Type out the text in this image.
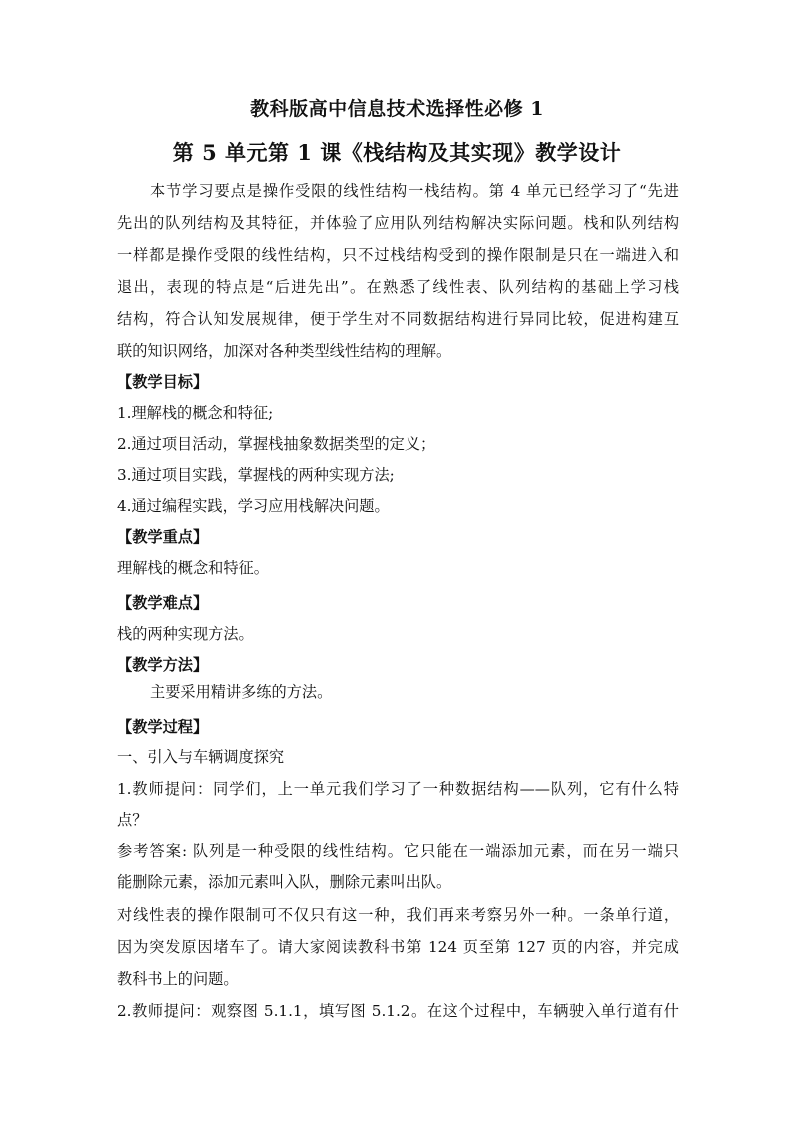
教科版高中信息技术选择性必修 1
第 5 单元第 1 课《栈结构及其实现》教学设计
本节学习要点是操作受限的线性结构一栈结构。第 4 单元已经学习了“先进
先出的队列结构及其特征，并体验了应用队列结构解决实际问题。栈和队列结构
一样都是操作受限的线性结构，只不过栈结构受到的操作限制是只在一端进入和
退出，表现的特点是“后进先出”。在熟悉了线性表、队列结构的基础上学习栈
结构，符合认知发展规律，便于学生对不同数据结构进行异同比较，促进构建互
联的知识网络，加深对各种类型线性结构的理解。
【教学目标】
1.理解栈的概念和特征;
2.通过项目活动，掌握栈抽象数据类型的定义；
3.通过项目实践，掌握栈的两种实现方法;
4.通过编程实践，学习应用栈解决问题。
【教学重点】
理解栈的概念和特征。
【教学难点】
栈的两种实现方法。
【教学方法】
主要采用精讲多练的方法。
【教学过程】
一、引入与车辆调度探究
1.教师提问：同学们，上一单元我们学习了一种数据结构——队列，它有什么特
点？
参考答案: 队列是一种受限的线性结构。它只能在一端添加元素，而在另一端只
能删除元素，添加元素叫入队，删除元素叫出队。
对线性表的操作限制可不仅只有这一种，我们再来考察另外一种。一条单行道，
因为突发原因堵车了。请大家阅读教科书第 124 页至第 127 页的内容，并完成
教科书上的问题。
2.教师提问：观察图 5.1.1，填写图 5.1.2。在这个过程中，车辆驶入单行道有什
